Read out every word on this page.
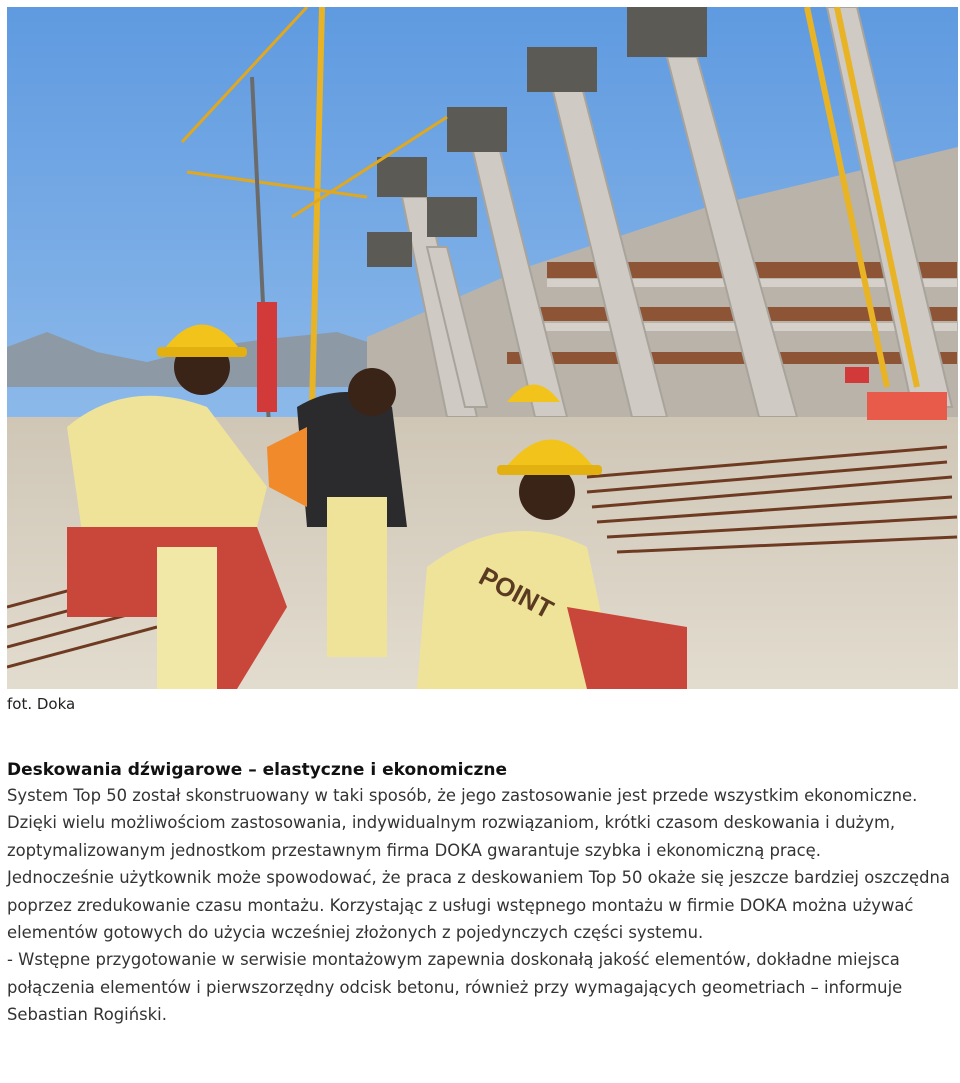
POINT
fot. Doka
Deskowania dźwigarowe – elastyczne i ekonomiczne

System Top 50 został skonstruowany w taki sposób, że jego zastosowanie jest przede wszystkim ekonomiczne. Dzięki wielu możliwościom zastosowania, indywidualnym rozwiązaniom, krótki czasom deskowania i dużym, zoptymalizowanym jednostkom przestawnym firma DOKA gwarantuje szybka i ekonomiczną pracę.

Jednocześnie użytkownik może spowodować, że praca z deskowaniem Top 50 okaże się jeszcze bardziej oszczędna poprzez zredukowanie czasu montażu. Korzystając z usługi wstępnego montażu w firmie DOKA można używać elementów gotowych do użycia wcześniej złożonych z pojedynczych części systemu.

- Wstępne przygotowanie w serwisie montażowym zapewnia doskonałą jakość elementów, dokładne miejsca połączenia elementów i pierwszorzędny odcisk betonu, również przy wymagających geometriach – informuje Sebastian Rogiński.
